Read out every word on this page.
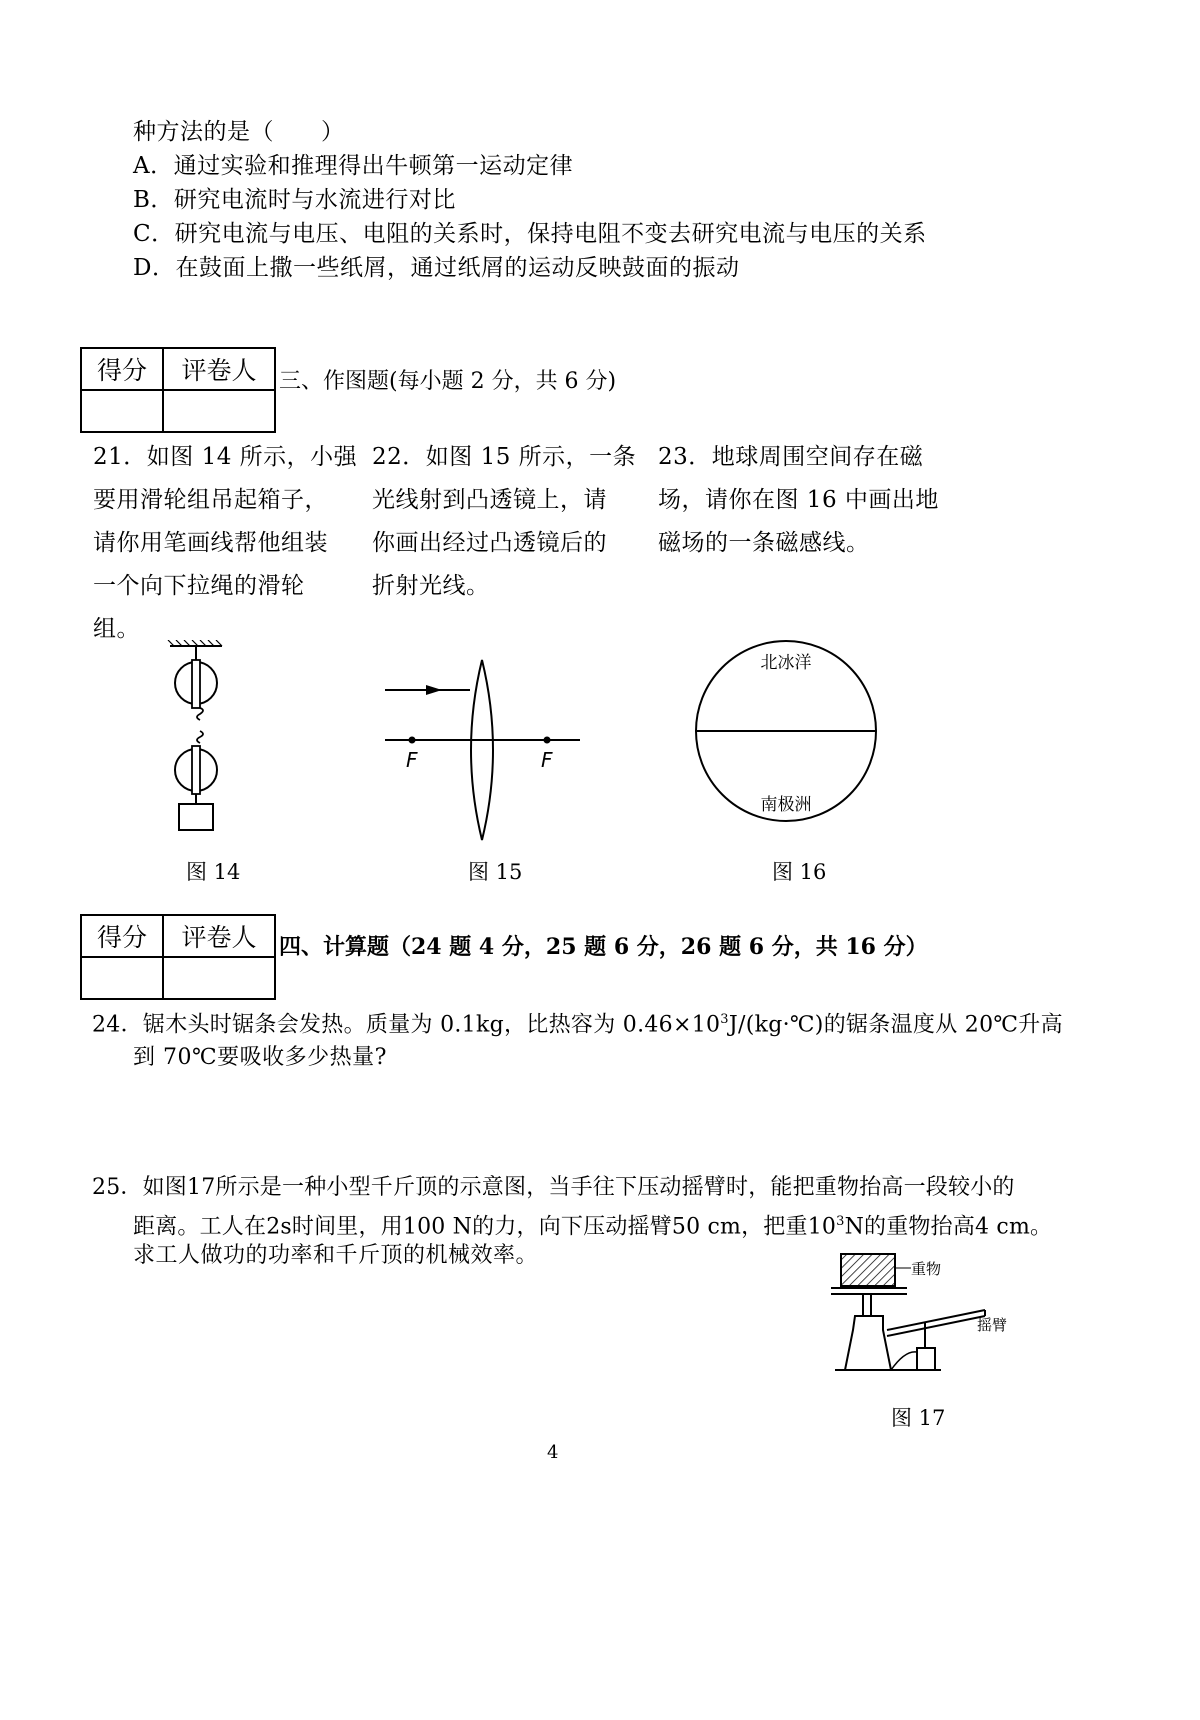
种方法的是（　　）
A．通过实验和推理得出牛顿第一运动定律
B．研究电流时与水流进行对比
C．研究电流与电压、电阻的关系时，保持电阻不变去研究电流与电压的关系
D．在鼓面上撒一些纸屑，通过纸屑的运动反映鼓面的振动
得分	评卷人
	三、作图题(每小题 2 分，共 6 分)
21．如图 14 所示，小强
要用滑轮组吊起箱子，
请你用笔画线帮他组装
一个向下拉绳的滑轮
组。
22．如图 15 所示，一条
光线射到凸透镜上，请
你画出经过凸透镜后的
折射光线。
23．地球周围空间存在磁
场，请你在图 16 中画出地
磁场的一条磁感线。
图 14
F	F
图 15
北冰洋
南极洲
图 16
得分	评卷人
	四、计算题（24 题 4 分，25 题 6 分，26 题 6 分，共 16 分）
24．锯木头时锯条会发热。质量为 0.1kg，比热容为 $0.46\times 10^3J/(kg\cdot℃)$的锯条温度从 20℃升高
到 70℃要吸收多少热量?
25．如图17所示是一种小型千斤顶的示意图，当手往下压动摇臂时，能把重物抬高一段较小的
距离。工人在2s时间里，用100 N的力，向下压动摇臂50 cm，把重$10^3N$的重物抬高4 cm。
求工人做功的功率和千斤顶的机械效率。
重物
摇臂
图 17
4
